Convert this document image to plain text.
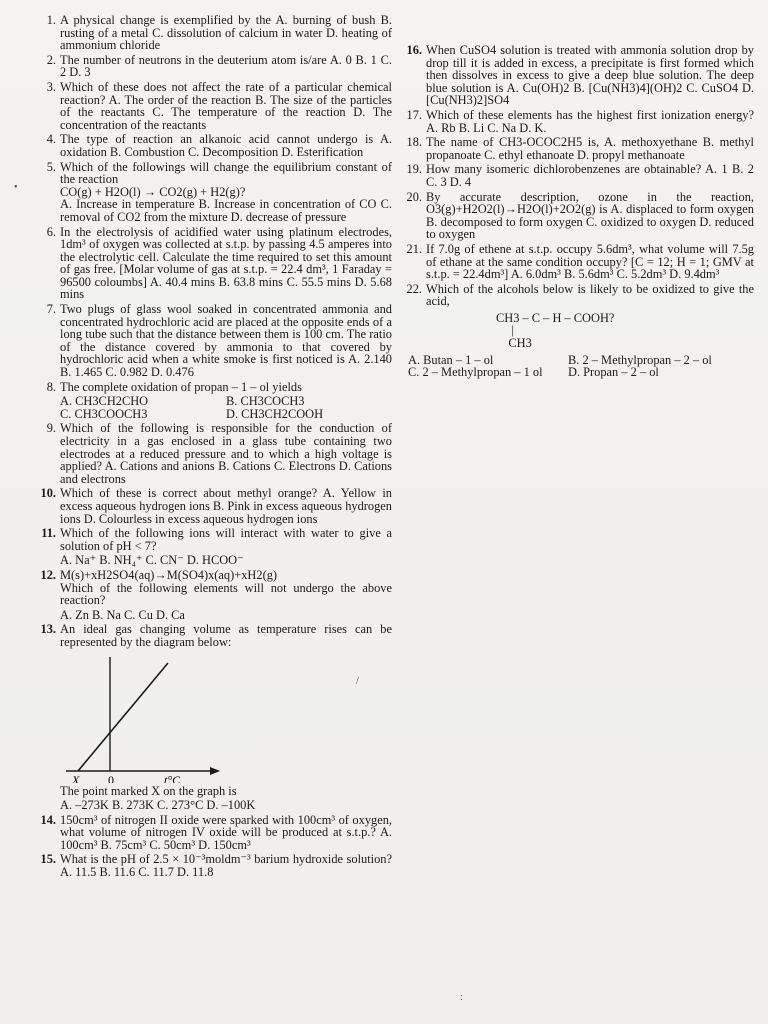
1. A physical change is exemplified by the A. burning of bush B. rusting of a metal C. dissolution of calcium in water D. heating of ammonium chloride
2. The number of neutrons in the deuterium atom is/are A. 0 B. 1 C. 2 D. 3
3. Which of these does not affect the rate of a particular chemical reaction? A. The order of the reaction B. The size of the particles of the reactants C. The temperature of the reaction D. The concentration of the reactants
4. The type of reaction an alkanoic acid cannot undergo is A. oxidation B. Combustion C. Decomposition D. Esterification
5. Which of the followings will change the equilibrium constant of the reaction
CO(g) + H2O(l) → CO2(g) + H2(g)?
A. Increase in temperature B. Increase in concentration of CO C. removal of CO2 from the mixture D. decrease of pressure
6. In the electrolysis of acidified water using platinum electrodes, 1dm³ of oxygen was collected at s.t.p. by passing 4.5 amperes into the electrolytic cell. Calculate the time required to set this amount of gas free. [Molar volume of gas at s.t.p. = 22.4 dm³, 1 Faraday = 96500 coloumbs] A. 40.4 mins B. 63.8 mins C. 55.5 mins D. 5.68 mins
7. Two plugs of glass wool soaked in concentrated ammonia and concentrated hydrochloric acid are placed at the opposite ends of a long tube such that the distance between them is 100 cm. The ratio of the distance covered by ammonia to that covered by hydrochloric acid when a white smoke is first noticed is A. 2.140 B. 1.465 C. 0.982 D. 0.476
8. The complete oxidation of propan – 1 – ol yields
A. CH3CH2CHO	B. CH3COCH3
C. CH3COOCH3	D. CH3CH2COOH
9. Which of the following is responsible for the conduction of electricity in a gas enclosed in a glass tube containing two electrodes at a reduced pressure and to which a high voltage is applied? A. Cations and anions B. Cations C. Electrons D. Cations and electrons
10. Which of these is correct about methyl orange? A. Yellow in excess aqueous hydrogen ions B. Pink in excess aqueous hydrogen ions D. Colourless in excess aqueous hydrogen ions
11. Which of the following ions will interact with water to give a solution of pH < 7?
A. Na⁺ B. NH₄⁺ C. CN⁻ D. HCOO⁻
12. M(s)+xH2SO4(aq)→M(SO4)x(aq)+xH2(g)
Which of the following elements will not undergo the above reaction?
A. Zn B. Na C. Cu D. Ca
13. An ideal gas changing volume as temperature rises can be represented by the diagram below:
X 0	t°C
The point marked X on the graph is
A. –273K B. 273K C. 273°C D. –100K
14. 150cm³ of nitrogen II oxide were sparked with 100cm³ of oxygen, what volume of nitrogen IV oxide will be produced at s.t.p.? A. 100cm³ B. 75cm³ C. 50cm³ D. 150cm³
15. What is the pH of 2.5 × 10⁻³moldm⁻³ barium hydroxide solution? A. 11.5 B. 11.6 C. 11.7 D. 11.8
16. When CuSO4 solution is treated with ammonia solution drop by drop till it is added in excess, a precipitate is first formed which then dissolves in excess to give a deep blue solution. The deep blue solution is A. Cu(OH)2 B. [Cu(NH3)4](OH)2 C. CuSO4 D. [Cu(NH3)2]SO4
17. Which of these elements has the highest first ionization energy? A. Rb B. Li C. Na D. K.
18. The name of CH3-OCOC2H5 is, A. methoxyethane B. methyl propanoate C. ethyl ethanoate D. propyl methanoate
19. How many isomeric dichlorobenzenes are obtainable? A. 1 B. 2 C. 3 D. 4
20. By accurate description, ozone in the reaction, O3(g)+H2O2(l)→H2O(l)+2O2(g) is A. displaced to form oxygen B. decomposed to form oxygen C. oxidized to oxygen D. reduced to oxygen
21. If 7.0g of ethene at s.t.p. occupy 5.6dm³, what volume will 7.5g of ethane at the same condition occupy? [C = 12; H = 1; GMV at s.t.p. = 22.4dm³] A. 6.0dm³ B. 5.6dm³ C. 5.2dm³ D. 9.4dm³
22. Which of the alcohols below is likely to be oxidized to give the acid,
CH3 – C – H – COOH?
|
CH3
A. Butan – 1 – ol	B. 2 – Methylpropan – 2 – ol
C. 2 – Methylpropan – 1 ol	D. Propan – 2 – ol
•
/
:
